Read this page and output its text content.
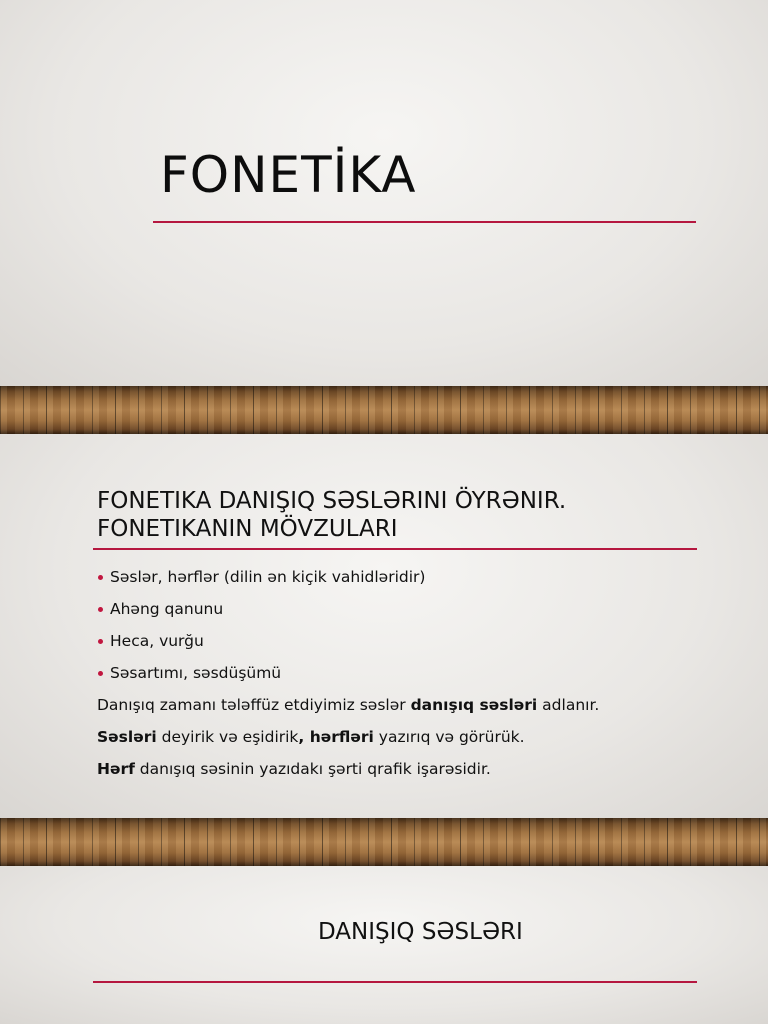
FONETİKA
FONETIKA DANIŞIQ SƏSLƏRINI ÖYRƏNIR.
FONETIKANIN MÖVZULARI
Səslər, hərflər (dilin ən kiçik vahidləridir)
Ahəng qanunu
Heca, vurğu
Səsartımı, səsdüşümü
Danışıq zamanı tələffüz etdiyimiz səslər danışıq səsləri adlanır.
Səsləri deyirik və eşidirik, hərfləri yazırıq və görürük.
Hərf danışıq səsinin yazıdakı şərti qrafik işarəsidir.
DANIŞIQ SƏSLƏRI
